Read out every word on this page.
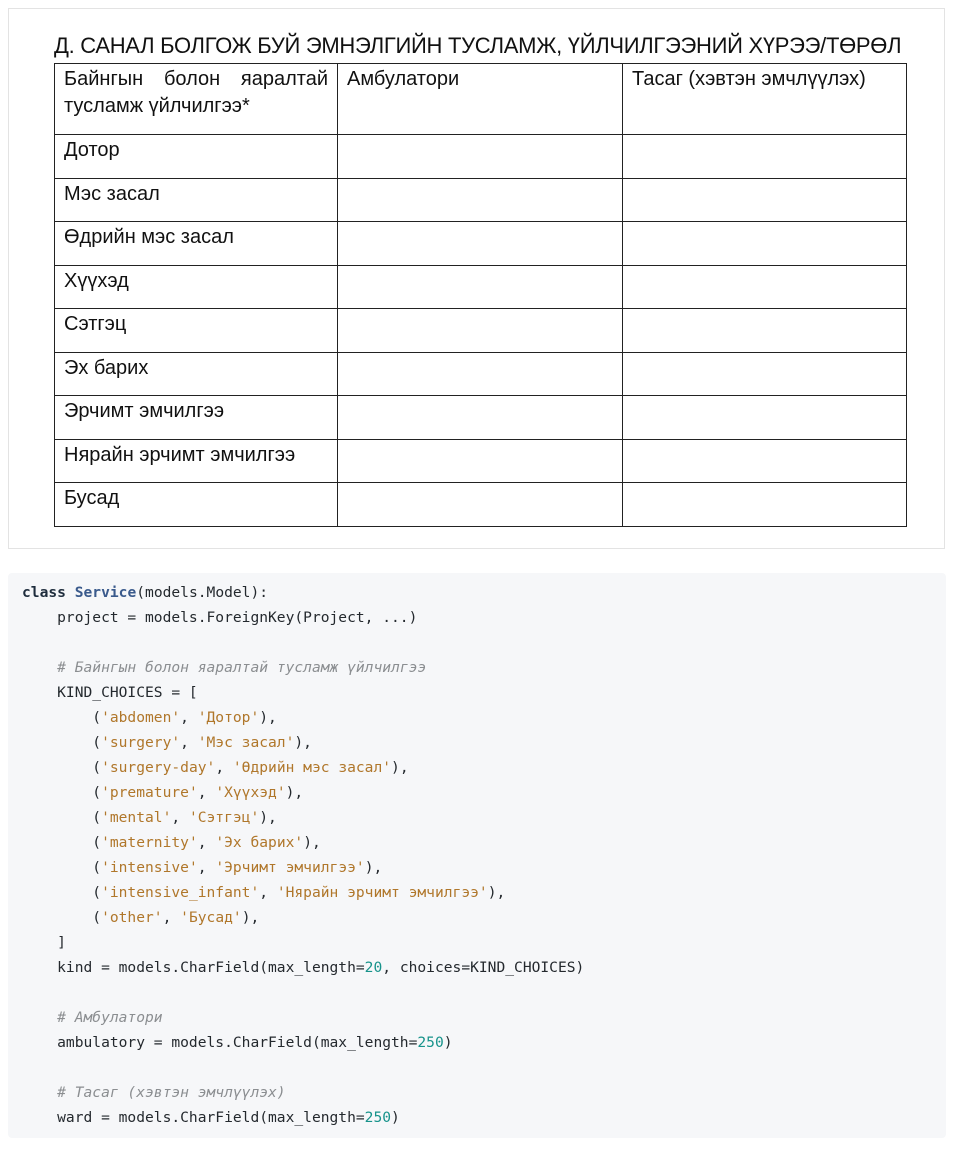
Д. САНАЛ БОЛГОЖ БУЙ ЭМНЭЛГИЙН ТУСЛАМЖ, ҮЙЛЧИЛГЭЭНИЙ ХҮРЭЭ/ТӨРӨЛ
Байнгын болон яаралтай тусламж үйлчилгээ*	Амбулатори	Тасаг (хэвтэн эмчлүүлэх)
Дотор		
Мэс засал		
Өдрийн мэс засал		
Хүүхэд		
Сэтгэц		
Эх барих		
Эрчимт эмчилгээ		
Нярайн эрчимт эмчилгээ		
Бусад		
class Service(models.Model):
project = models.ForeignKey(Project, ...)
# Байнгын болон яаралтай тусламж үйлчилгээ
KIND_CHOICES = [
('abdomen', 'Дотор'),
('surgery', 'Мэс засал'),
('surgery-day', 'Өдрийн мэс засал'),
('premature', 'Хүүхэд'),
('mental', 'Сэтгэц'),
('maternity', 'Эх барих'),
('intensive', 'Эрчимт эмчилгээ'),
('intensive_infant', 'Нярайн эрчимт эмчилгээ'),
('other', 'Бусад'),
]
kind = models.CharField(max_length=20, choices=KIND_CHOICES)
# Амбулатори
ambulatory = models.CharField(max_length=250)
# Тасаг (хэвтэн эмчлүүлэх)
ward = models.CharField(max_length=250)
